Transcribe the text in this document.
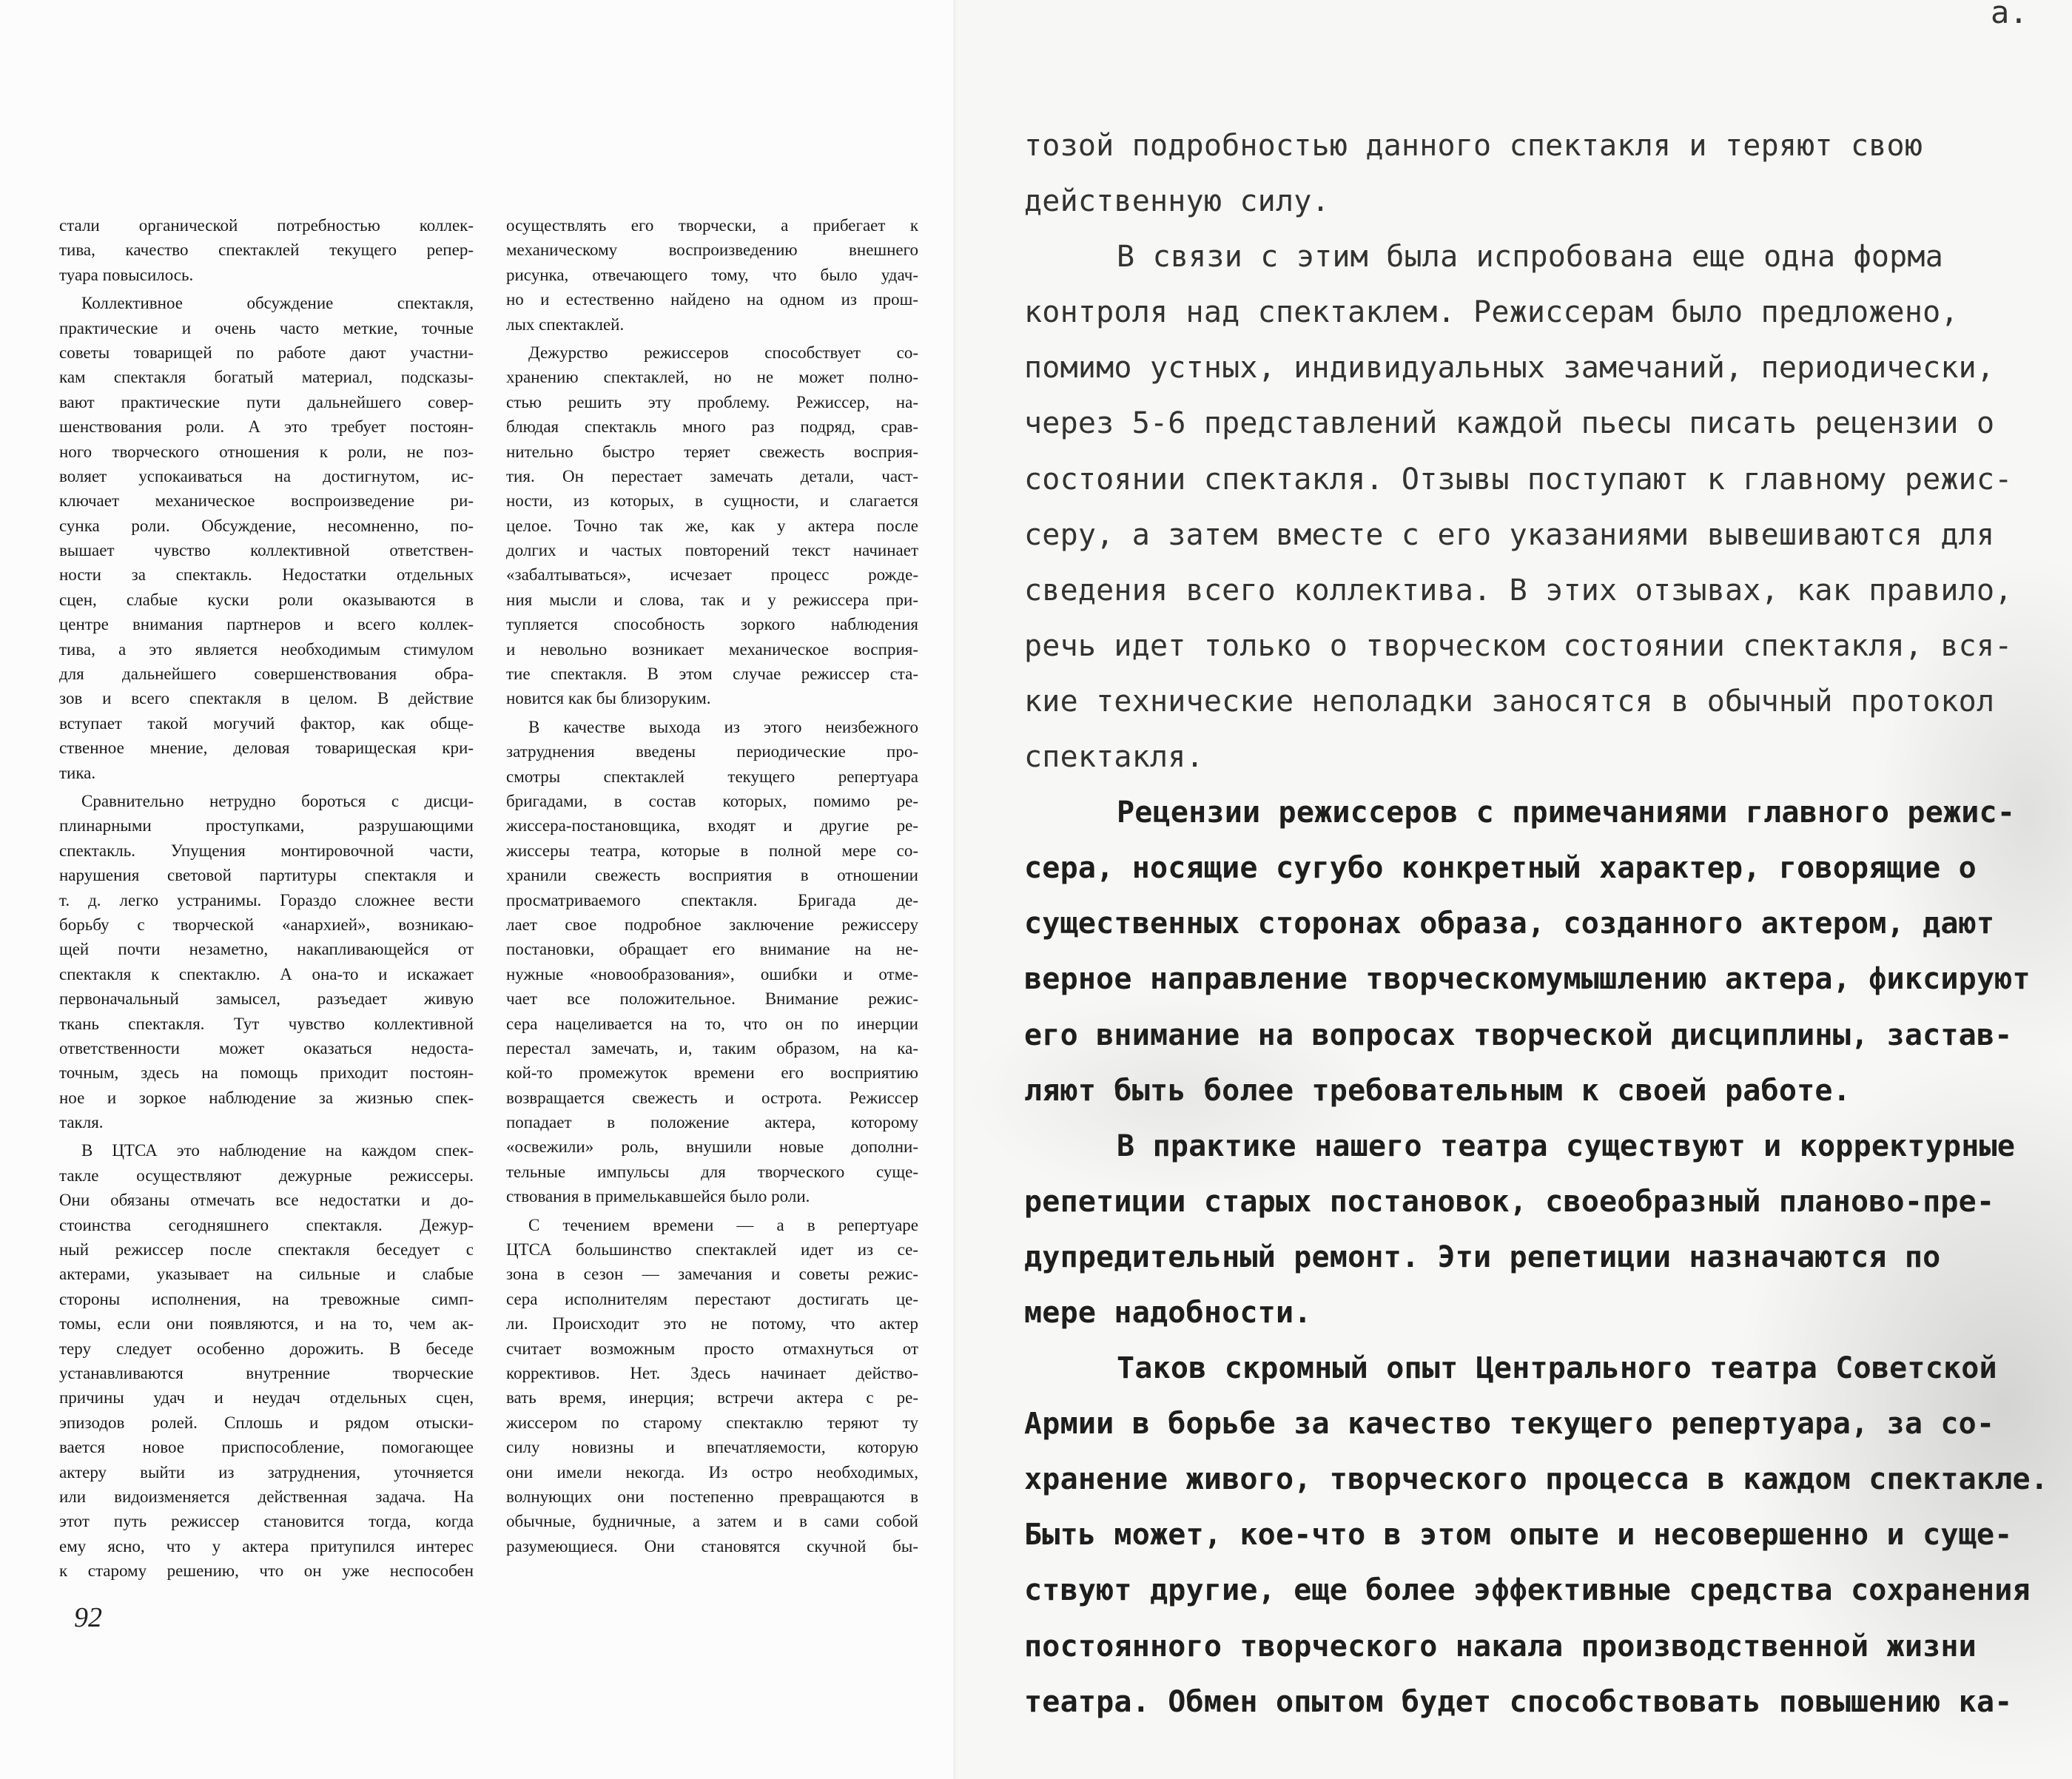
стали органической потребностью коллек-
тива, качество спектаклей текущего репер-
туара повысилось.
Коллективное обсуждение спектакля,
практические и очень часто меткие, точные
советы товарищей по работе дают участни-
кам спектакля богатый материал, подсказы-
вают практические пути дальнейшего совер-
шенствования роли. А это требует постоян-
ного творческого отношения к роли, не поз-
воляет успокаиваться на достигнутом, ис-
ключает механическое воспроизведение ри-
сунка роли. Обсуждение, несомненно, по-
вышает чувство коллективной ответствен-
ности за спектакль. Недостатки отдельных
сцен, слабые куски роли оказываются в
центре внимания партнеров и всего коллек-
тива, а это является необходимым стимулом
для дальнейшего совершенствования обра-
зов и всего спектакля в целом. В действие
вступает такой могучий фактор, как обще-
ственное мнение, деловая товарищеская кри-
тика.
Сравнительно нетрудно бороться с дисци-
плинарными проступками, разрушающими
спектакль. Упущения монтировочной части,
нарушения световой партитуры спектакля и
т. д. легко устранимы. Гораздо сложнее вести
борьбу с творческой «анархией», возникаю-
щей почти незаметно, накапливающейся от
спектакля к спектаклю. А она-то и искажает
первоначальный замысел, разъедает живую
ткань спектакля. Тут чувство коллективной
ответственности может оказаться недоста-
точным, здесь на помощь приходит постоян-
ное и зоркое наблюдение за жизнью спек-
такля.
В ЦТСА это наблюдение на каждом спек-
такле осуществляют дежурные режиссеры.
Они обязаны отмечать все недостатки и до-
стоинства сегодняшнего спектакля. Дежур-
ный режиссер после спектакля беседует с
актерами, указывает на сильные и слабые
стороны исполнения, на тревожные симп-
томы, если они появляются, и на то, чем ак-
теру следует особенно дорожить. В беседе
устанавливаются внутренние творческие
причины удач и неудач отдельных сцен,
эпизодов ролей. Сплошь и рядом отыски-
вается новое приспособление, помогающее
актеру выйти из затруднения, уточняется
или видоизменяется действенная задача. На
этот путь режиссер становится тогда, когда
ему ясно, что у актера притупился интерес
к старому решению, что он уже неспособен
осуществлять его творчески, а прибегает к
механическому воспроизведению внешнего
рисунка, отвечающего тому, что было удач-
но и естественно найдено на одном из прош-
лых спектаклей.
Дежурство режиссеров способствует со-
хранению спектаклей, но не может полно-
стью решить эту проблему. Режиссер, на-
блюдая спектакль много раз подряд, срав-
нительно быстро теряет свежесть восприя-
тия. Он перестает замечать детали, част-
ности, из которых, в сущности, и слагается
целое. Точно так же, как у актера после
долгих и частых повторений текст начинает
«забалтываться», исчезает процесс рожде-
ния мысли и слова, так и у режиссера при-
тупляется способность зоркого наблюдения
и невольно возникает механическое восприя-
тие спектакля. В этом случае режиссер ста-
новится как бы близоруким.
В качестве выхода из этого неизбежного
затруднения введены периодические про-
смотры спектаклей текущего репертуара
бригадами, в состав которых, помимо ре-
жиссера-постановщика, входят и другие ре-
жиссеры театра, которые в полной мере со-
хранили свежесть восприятия в отношении
просматриваемого спектакля. Бригада де-
лает свое подробное заключение режиссеру
постановки, обращает его внимание на не-
нужные «новообразования», ошибки и отме-
чает все положительное. Внимание режис-
сера нацеливается на то, что он по инерции
перестал замечать, и, таким образом, на ка-
кой-то промежуток времени его восприятию
возвращается свежесть и острота. Режиссер
попадает в положение актера, которому
«освежили» роль, внушили новые дополни-
тельные импульсы для творческого суще-
ствования в примелькавшейся было роли.
С течением времени — а в репертуаре
ЦТСА большинство спектаклей идет из се-
зона в сезон — замечания и советы режис-
сера исполнителям перестают достигать це-
ли. Происходит это не потому, что актер
считает возможным просто отмахнуться от
коррективов. Нет. Здесь начинает действо-
вать время, инерция; встречи актера с ре-
жиссером по старому спектаклю теряют ту
силу новизны и впечатляемости, которую
они имели некогда. Из остро необходимых,
волнующих они постепенно превращаются в
обычные, будничные, а затем и в сами собой
разумеющиеся. Они становятся скучной бы-
92
а.
тозой подробностью данного спектакля и теряют свою
действенную силу.
В связи с этим была испробована еще одна форма
контроля над спектаклем. Режиссерам было предложено,
помимо устных, индивидуальных замечаний, периодически,
через 5-6 представлений каждой пьесы писать рецензии о
состоянии спектакля. Отзывы поступают к главному режис-
серу, а затем вместе с его указаниями вывешиваются для
сведения всего коллектива. В этих отзывах, как правило,
речь идет только о творческом состоянии спектакля, вся-
кие технические неполадки заносятся в обычный протокол
спектакля.
Рецензии режиссеров с примечаниями главного режис-
сера, носящие сугубо конкретный характер, говорящие о
существенных сторонах образа, созданного актером, дают
верное направление творческомумышлению актера, фиксируют
его внимание на вопросах творческой дисциплины, застав-
ляют быть более требовательным к своей работе.
В практике нашего театра существуют и корректурные
репетиции старых постановок, своеобразный планово-пре-
дупредительный ремонт. Эти репетиции назначаются по
мере надобности.
Таков скромный опыт Центрального театра Советской
Армии в борьбе за качество текущего репертуара, за со-
хранение живого, творческого процесса в каждом спектакле.
Быть может, кое-что в этом опыте и несовершенно и суще-
ствуют другие, еще более эффективные средства сохранения
постоянного творческого накала производственной жизни
театра. Обмен опытом будет способствовать повышению ка-
